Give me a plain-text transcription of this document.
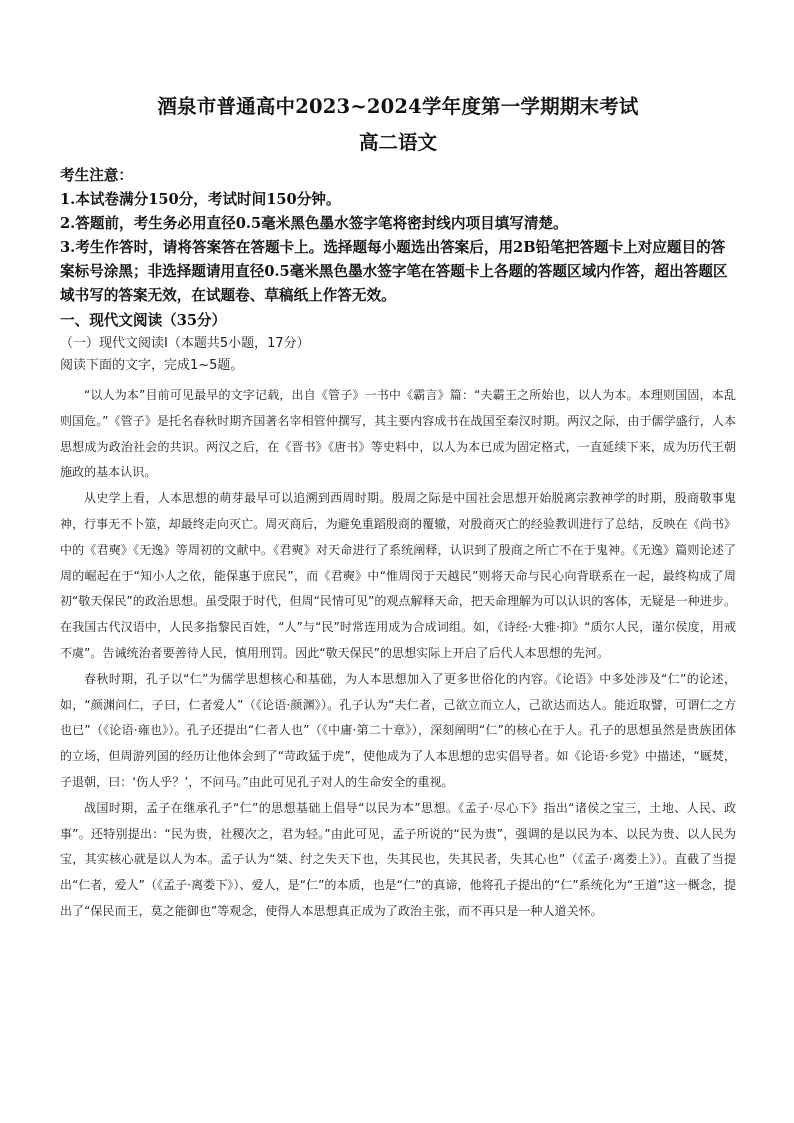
酒泉市普通高中2023~2024学年度第一学期期末考试
高二语文

考生注意：

1.本试卷满分150分，考试时间150分钟。

2.答题前，考生务必用直径0.5毫米黑色墨水签字笔将密封线内项目填写清楚。

3.考生作答时，请将答案答在答题卡上。选择题每小题选出答案后，用2B铅笔把答题卡上对应题目的答案标号涂黑；非选择题请用直径0.5毫米黑色墨水签字笔在答题卡上各题的答题区域内作答，超出答题区域书写的答案无效，在试题卷、草稿纸上作答无效。

一、现代文阅读（35分）

（一）现代文阅读Ⅰ（本题共5小题，17分）

阅读下面的文字，完成1~5题。

“以人为本”目前可见最早的文字记载，出自《管子》一书中《霸言》篇：“夫霸王之所始也，以人为本。本理则国固，本乱则国危。”《管子》是托名春秋时期齐国著名宰相管仲撰写，其主要内容成书在战国至秦汉时期。两汉之际，由于儒学盛行，人本思想成为政治社会的共识。两汉之后，在《晋书》《唐书》等史料中，以人为本已成为固定格式，一直延续下来，成为历代王朝施政的基本认识。

从史学上看，人本思想的萌芽最早可以追溯到西周时期。殷周之际是中国社会思想开始脱离宗教神学的时期，殷商敬事鬼神，行事无不卜筮，却最终走向灭亡。周灭商后，为避免重蹈殷商的覆辙，对殷商灭亡的经验教训进行了总结，反映在《尚书》中的《君奭》《无逸》等周初的文献中。《君奭》对天命进行了系统阐释，认识到了殷商之所亡不在于鬼神。《无逸》篇则论述了周的崛起在于“知小人之依，能保惠于庶民”，而《君奭》中“惟周闵于天越民”则将天命与民心向背联系在一起，最终构成了周初“敬天保民”的政治思想。虽受限于时代，但周“民情可见”的观点解释天命，把天命理解为可以认识的客体，无疑是一种进步。在我国古代汉语中，人民多指黎民百姓，“人”与“民”时常连用成为合成词组。如，《诗经·大雅·抑》“质尔人民，谨尔侯度，用戒不虞”。告诫统治者要善待人民，慎用刑罚。因此“敬天保民”的思想实际上开启了后代人本思想的先河。

春秋时期，孔子以“仁”为儒学思想核心和基础，为人本思想加入了更多世俗化的内容。《论语》中多处涉及“仁”的论述，如，“颜渊问仁，子曰，仁者爱人”（《论语·颜渊》）。孔子认为“夫仁者，己欲立而立人，己欲达而达人。能近取譬，可谓仁之方也已”（《论语·雍也》）。孔子还提出“仁者人也”（《中庸·第二十章》），深刻阐明“仁”的核心在于人。孔子的思想虽然是贵族团体的立场，但周游列国的经历让他体会到了“苛政猛于虎”，使他成为了人本思想的忠实倡导者。如《论语·乡党》中描述，“厩焚，子退朝，曰：‘伤人乎？’，不问马。”由此可见孔子对人的生命安全的重视。

战国时期，孟子在继承孔子“仁”的思想基础上倡导“以民为本”思想。《孟子·尽心下》指出“诸侯之宝三，土地、人民、政事”。还特别提出：“民为贵，社稷次之，君为轻。”由此可见，孟子所说的“民为贵”，强调的是以民为本、以民为贵、以人民为宝，其实核心就是以人为本。孟子认为“桀、纣之失天下也，失其民也，失其民者，失其心也”（《孟子·离娄上》）。直截了当提出“仁者，爱人”（《孟子·离娄下》）、爱人，是“仁”的本质，也是“仁”的真谛，他将孔子提出的“仁”系统化为“王道”这一概念，提出了“保民而王，莫之能御也”等观念，使得人本思想真正成为了政治主张，而不再只是一种人道关怀。
